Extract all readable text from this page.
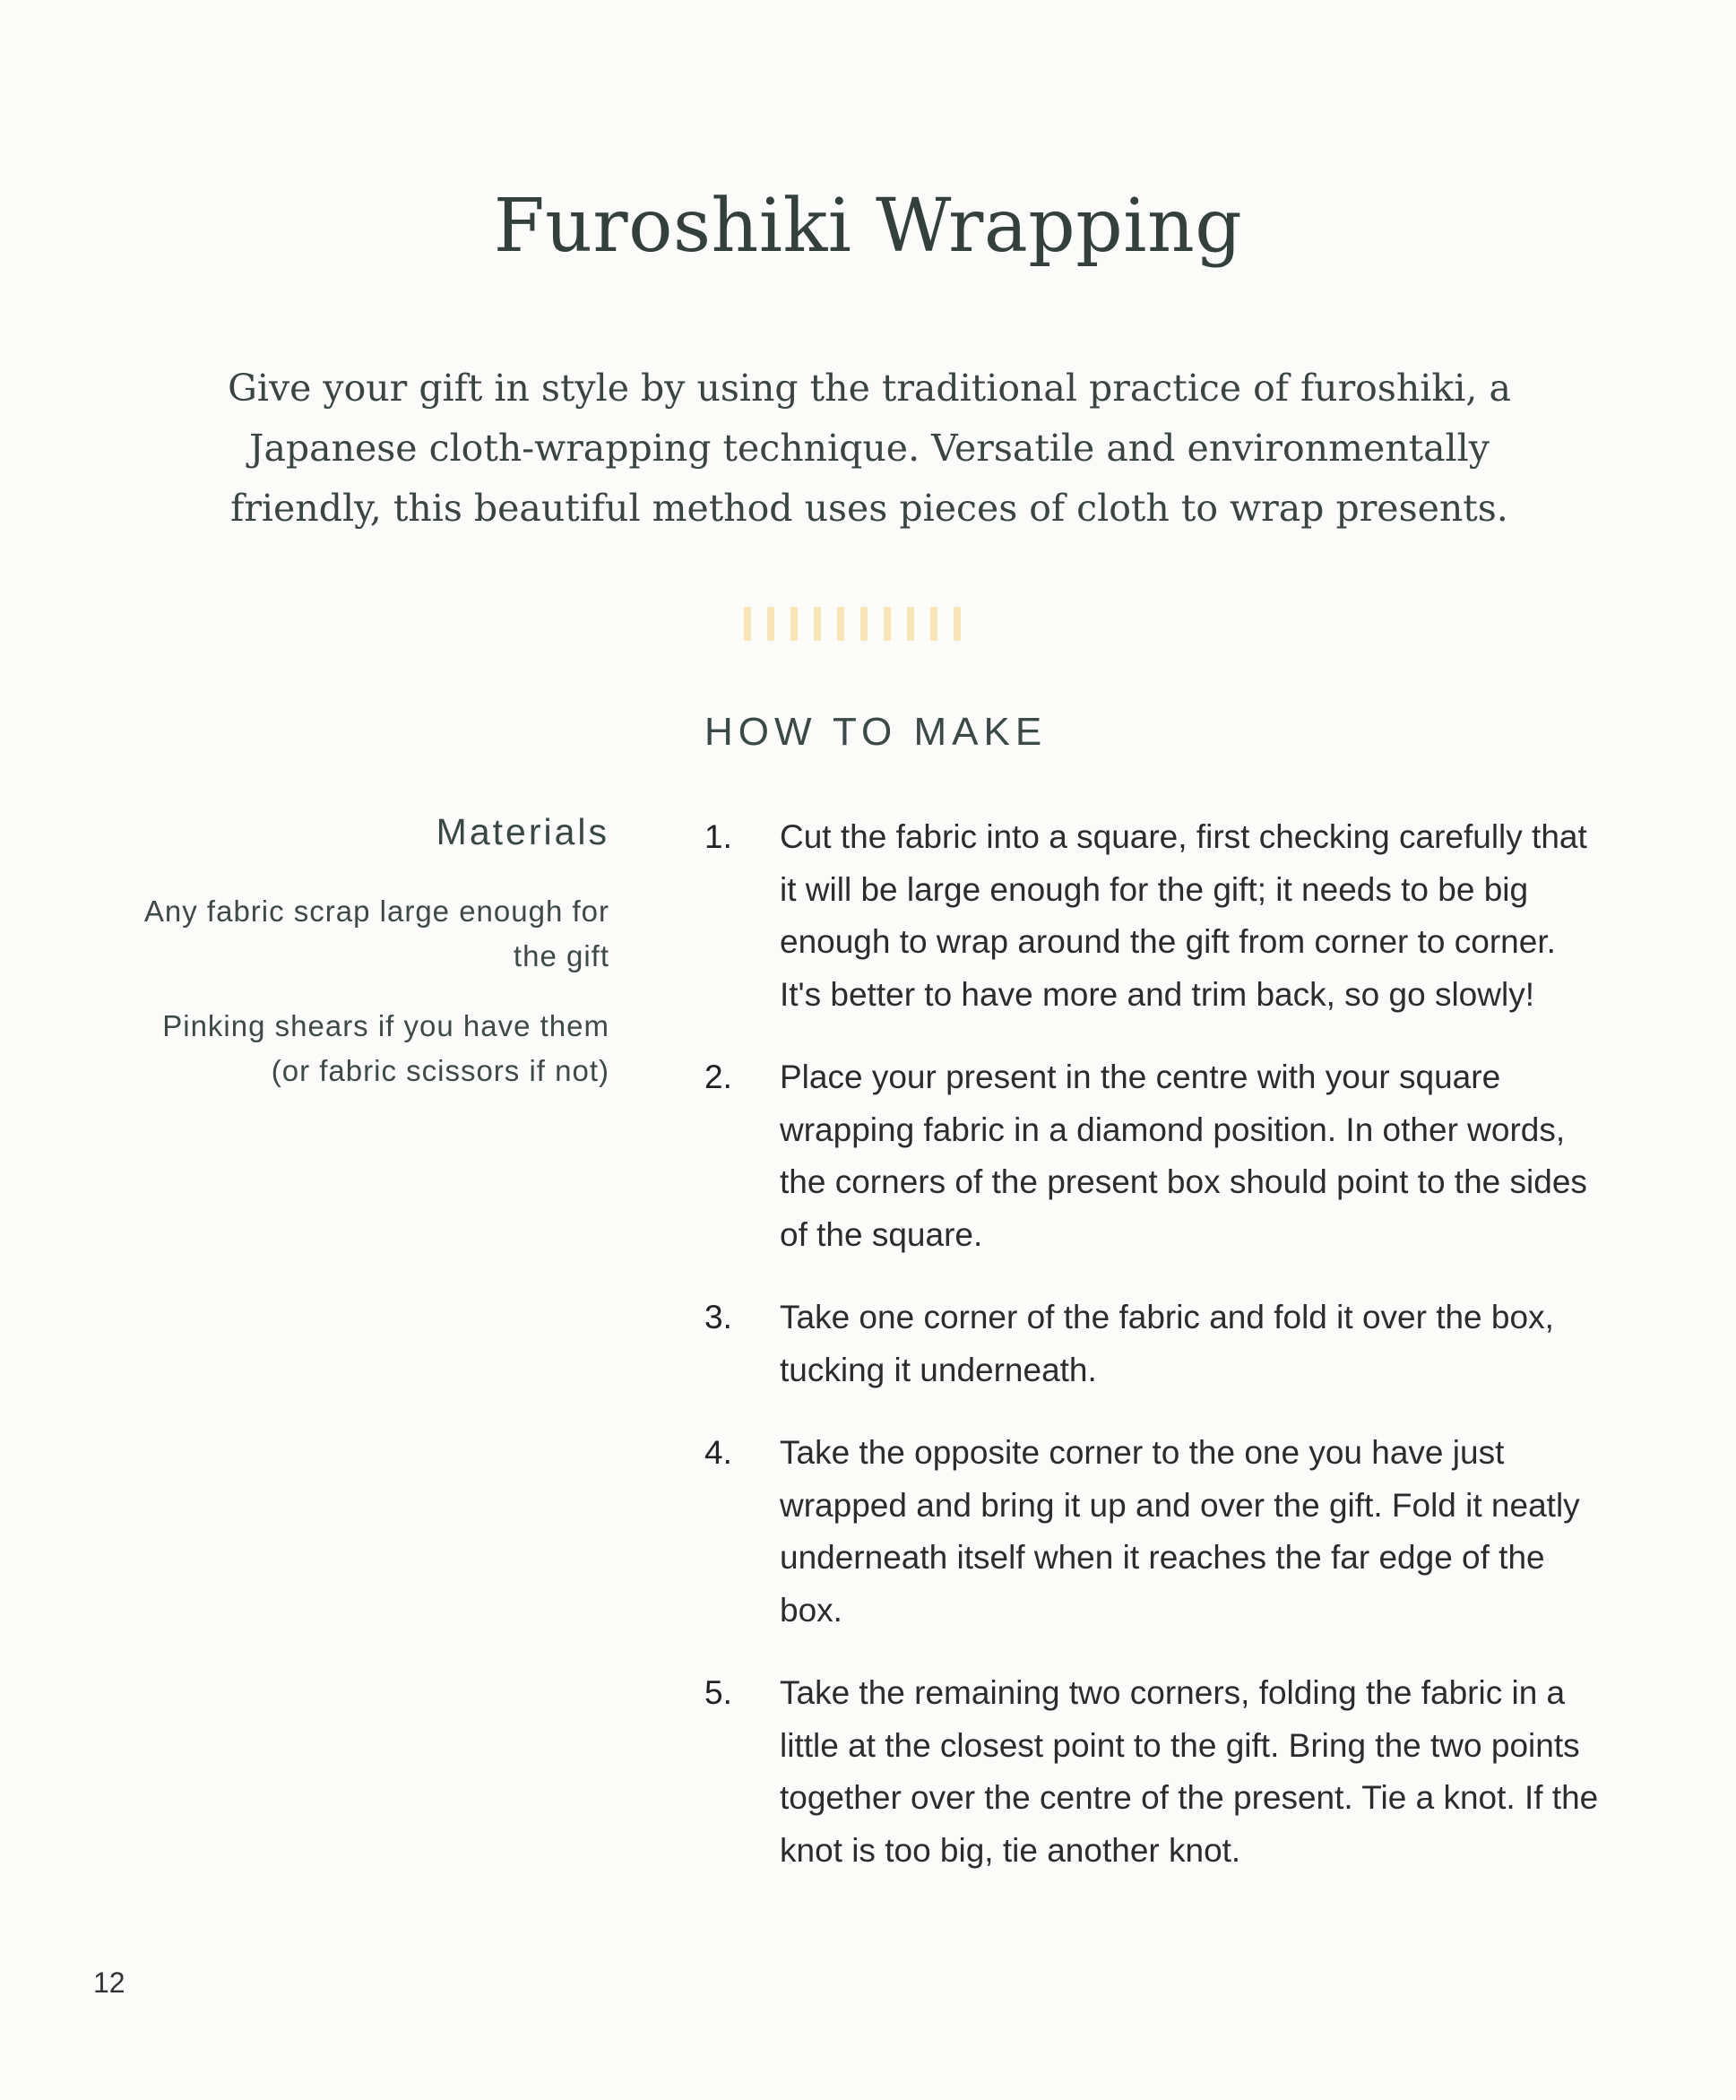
Furoshiki Wrapping

Give your gift in style by using the traditional practice of furoshiki, a Japanese cloth-wrapping technique. Versatile and environmentally friendly, this beautiful method uses pieces of cloth to wrap presents.

HOW TO MAKE
Materials

Any fabric scrap large enough for the gift

Pinking shears if you have them (or fabric scissors if not)

1.	Cut the fabric into a square, first checking carefully that it will be large enough for the gift; it needs to be big enough to wrap around the gift from corner to corner. It's better to have more and trim back, so go slowly!

2.	Place your present in the centre with your square wrapping fabric in a diamond position. In other words, the corners of the present box should point to the sides of the square.

3.	Take one corner of the fabric and fold it over the box, tucking it underneath.

4.	Take the opposite corner to the one you have just wrapped and bring it up and over the gift. Fold it neatly underneath itself when it reaches the far edge of the box.

5.	Take the remaining two corners, folding the fabric in a little at the closest point to the gift. Bring the two points together over the centre of the present. Tie a knot. If the knot is too big, tie another knot.

12
